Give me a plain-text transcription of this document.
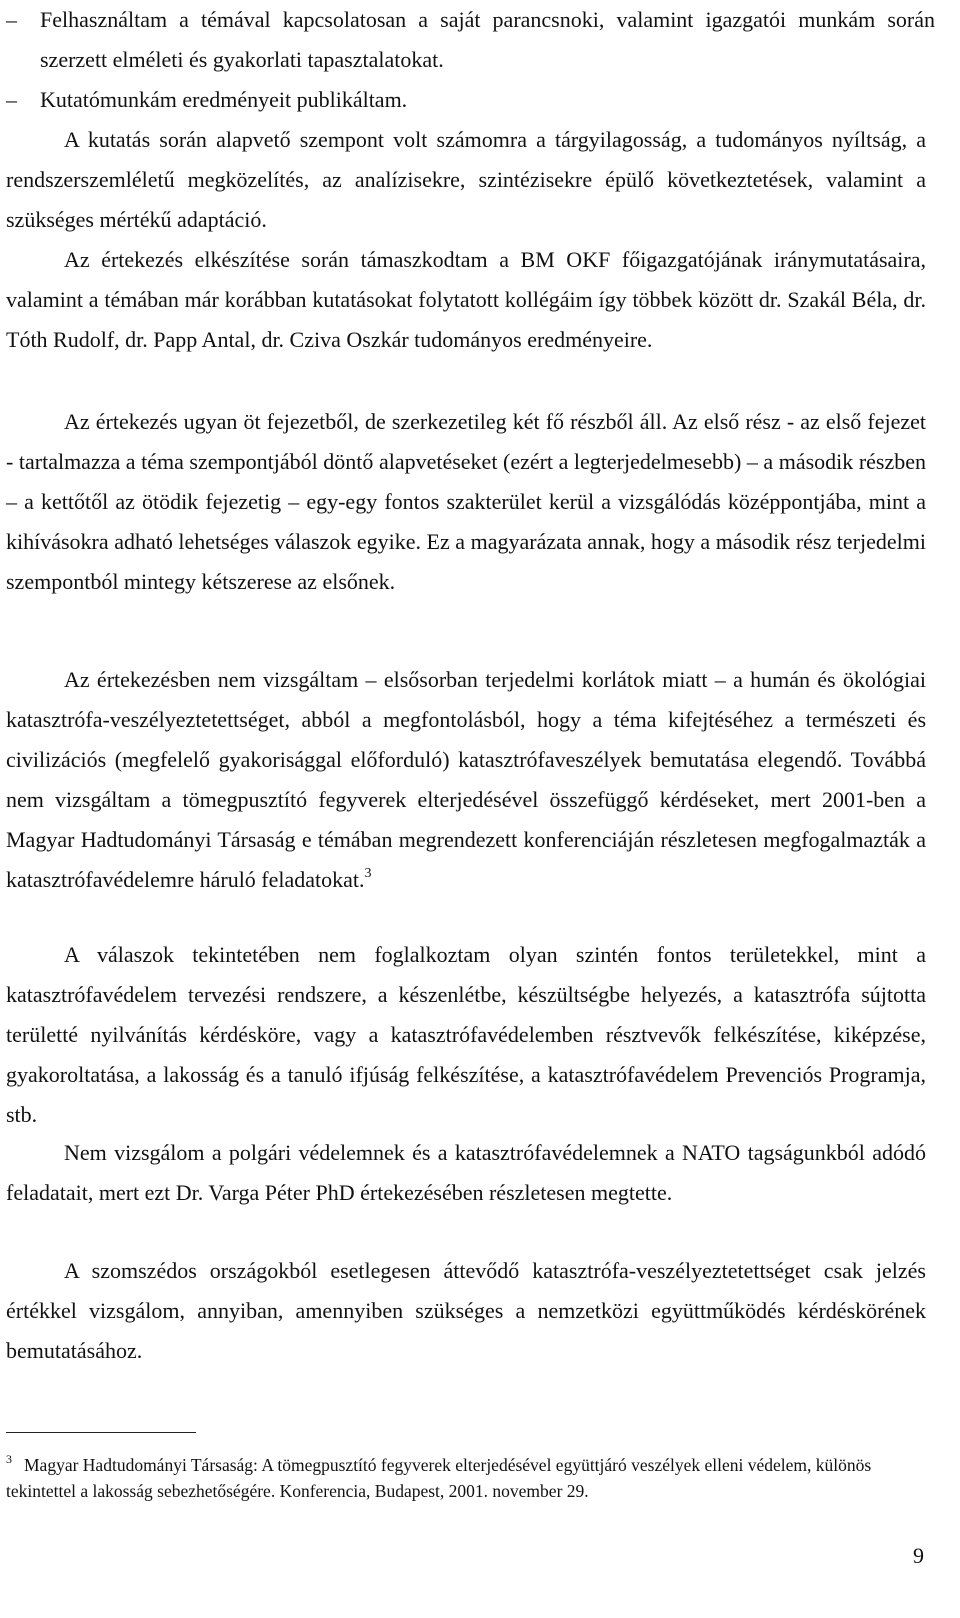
–	Felhasználtam a témával kapcsolatosan a saját parancsnoki, valamint igazgatói munkám során szerzett elméleti és gyakorlati tapasztalatokat.
–	Kutatómunkám eredményeit publikáltam.
A kutatás során alapvető szempont volt számomra a tárgyilagosság, a tudományos nyíltság, a rendszerszemléletű megközelítés, az analízisekre, szintézisekre épülő következtetések, valamint a szükséges mértékű adaptáció.
Az értekezés elkészítése során támaszkodtam a BM OKF főigazgatójának iránymutatásaira, valamint a témában már korábban kutatásokat folytatott kollégáim így többek között dr. Szakál Béla, dr. Tóth Rudolf, dr. Papp Antal, dr. Cziva Oszkár tudományos eredményeire.
Az értekezés ugyan öt fejezetből, de szerkezetileg két fő részből áll. Az első rész - az első fejezet - tartalmazza a téma szempontjából döntő alapvetéseket (ezért a legterjedelmesebb) – a második részben – a kettőtől az ötödik fejezetig – egy-egy fontos szakterület kerül a vizsgálódás középpontjába, mint a kihívásokra adható lehetséges válaszok egyike. Ez a magyarázata annak, hogy a második rész terjedelmi szempontból mintegy kétszerese az elsőnek.
Az értekezésben nem vizsgáltam – elsősorban terjedelmi korlátok miatt – a humán és ökológiai katasztrófa-veszélyeztetettséget, abból a megfontolásból, hogy a téma kifejtéséhez a természeti és civilizációs (megfelelő gyakorisággal előforduló) katasztrófaveszélyek bemutatása elegendő. Továbbá nem vizsgáltam a tömegpusztító fegyverek elterjedésével összefüggő kérdéseket, mert 2001-ben a Magyar Hadtudományi Társaság e témában megrendezett konferenciáján részletesen megfogalmazták a katasztrófavédelemre háruló feladatokat.$^3$
A válaszok tekintetében nem foglalkoztam olyan szintén fontos területekkel, mint a katasztrófavédelem tervezési rendszere, a készenlétbe, készültségbe helyezés, a katasztrófa sújtotta területté nyilvánítás kérdésköre, vagy a katasztrófavédelemben résztvevők felkészítése, kiképzése, gyakoroltatása, a lakosság és a tanuló ifjúság felkészítése, a katasztrófavédelem Prevenciós Programja, stb.
Nem vizsgálom a polgári védelemnek és a katasztrófavédelemnek a NATO tagságunkból adódó feladatait, mert ezt Dr. Varga Péter PhD értekezésében részletesen megtette.
A szomszédos országokból esetlegesen áttevődő katasztrófa-veszélyeztetettséget csak jelzés értékkel vizsgálom, annyiban, amennyiben szükséges a nemzetközi együttműködés kérdéskörének bemutatásához.
$^3$ Magyar Hadtudományi Társaság: A tömegpusztító fegyverek elterjedésével együttjáró veszélyek elleni védelem, különös tekintettel a lakosság sebezhetőségére. Konferencia, Budapest, 2001. november 29.
9
